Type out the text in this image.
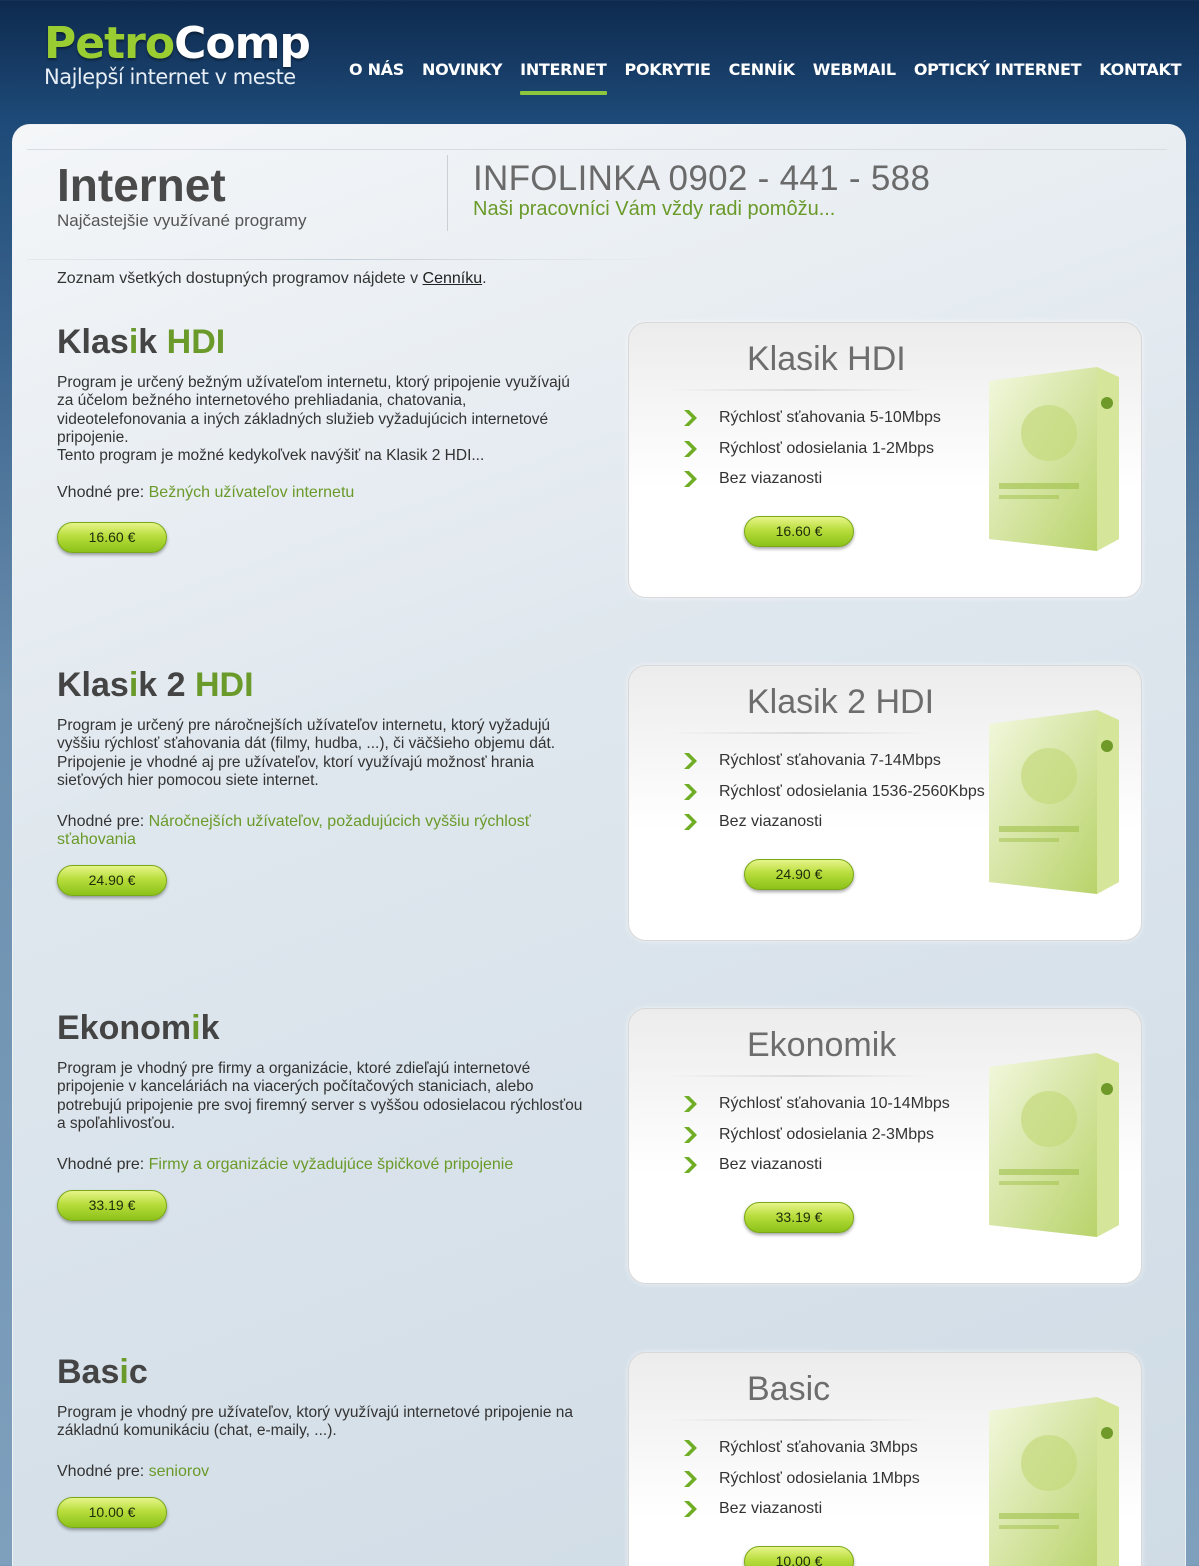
PetroComp
Najlepší internet v meste	O NÁS	NOVINKY	INTERNET	POKRYTIE	CENNÍK	WEBMAIL	OPTICKÝ INTERNET	KONTAKT
Internet
Najčastejšie využívané programy
INFOLINKA 0902 - 441 - 588
Naši pracovníci Vám vždy radi pomôžu...
Zoznam všetkých dostupných programov nájdete v Cenníku.
Klasik HDI

Program je určený bežným užívateľom internetu, ktorý pripojenie využívajú za účelom bežného internetového prehliadania, chatovania, videotelefonovania a iných základných služieb vyžadujúcich internetové pripojenie.

Tento program je možné kedykoľvek navýšiť na Klasik 2 HDI...

Vhodné pre: Bežných užívateľov internetu
16.60 €
Klasik HDI
Rýchlosť sťahovania 5-10Mbps
Rýchlosť odosielania 1-2Mbps
Bez viazanosti
16.60 €
Klasik 2 HDI

Program je určený pre náročnejších užívateľov internetu, ktorý vyžadujú vyššiu rýchlosť sťahovania dát (filmy, hudba, ...), či väčšieho objemu dát. Pripojenie je vhodné aj pre užívateľov, ktorí využívajú možnosť hrania sieťových hier pomocou siete internet.

Vhodné pre: Náročnejších užívateľov, požadujúcich vyššiu rýchlosť sťahovania
24.90 €
Klasik 2 HDI
Rýchlosť sťahovania 7-14Mbps
Rýchlosť odosielania 1536-2560Kbps
Bez viazanosti
24.90 €
Ekonomik

Program je vhodný pre firmy a organizácie, ktoré zdieľajú internetové pripojenie v kanceláriách na viacerých počítačových staniciach, alebo potrebujú pripojenie pre svoj firemný server s vyššou odosielacou rýchlosťou a spoľahlivosťou.

Vhodné pre: Firmy a organizácie vyžadujúce špičkové pripojenie
33.19 €
Ekonomik
Rýchlosť sťahovania 10-14Mbps
Rýchlosť odosielania 2-3Mbps
Bez viazanosti
33.19 €
Basic

Program je vhodný pre užívateľov, ktorý využívajú internetové pripojenie na základnú komunikáciu (chat, e-maily, ...).

Vhodné pre: seniorov
10.00 €
Basic
Rýchlosť sťahovania 3Mbps
Rýchlosť odosielania 1Mbps
Bez viazanosti
10.00 €
